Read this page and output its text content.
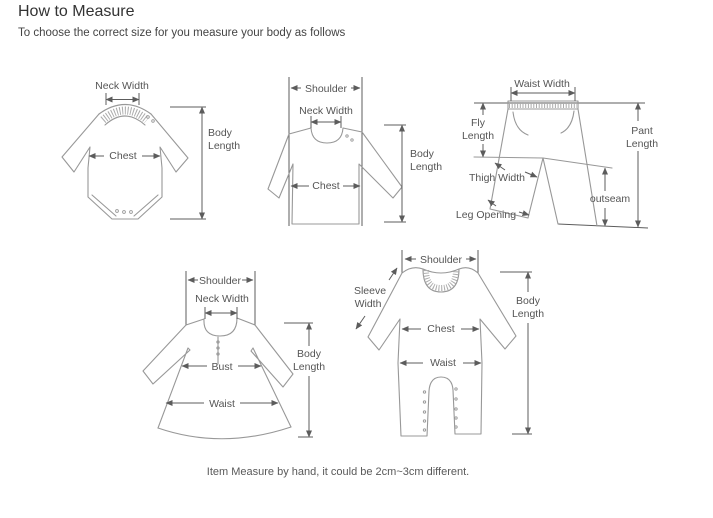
How to Measure
To choose the correct size for you measure your body as follows
Neck Width
Body
Length
Chest
Shoulder
Neck Width
Body
Length
Chest
Waist Width
Fly
Length	Pant
Length
outseam
Thigh Width
Leg Opening
Shoulder
Neck Width
Bust
Waist
Body
Length
Shoulder
Sleeve
Width
Chest
Waist
Body
Length
Item Measure by hand, it could be 2cm~3cm different.
